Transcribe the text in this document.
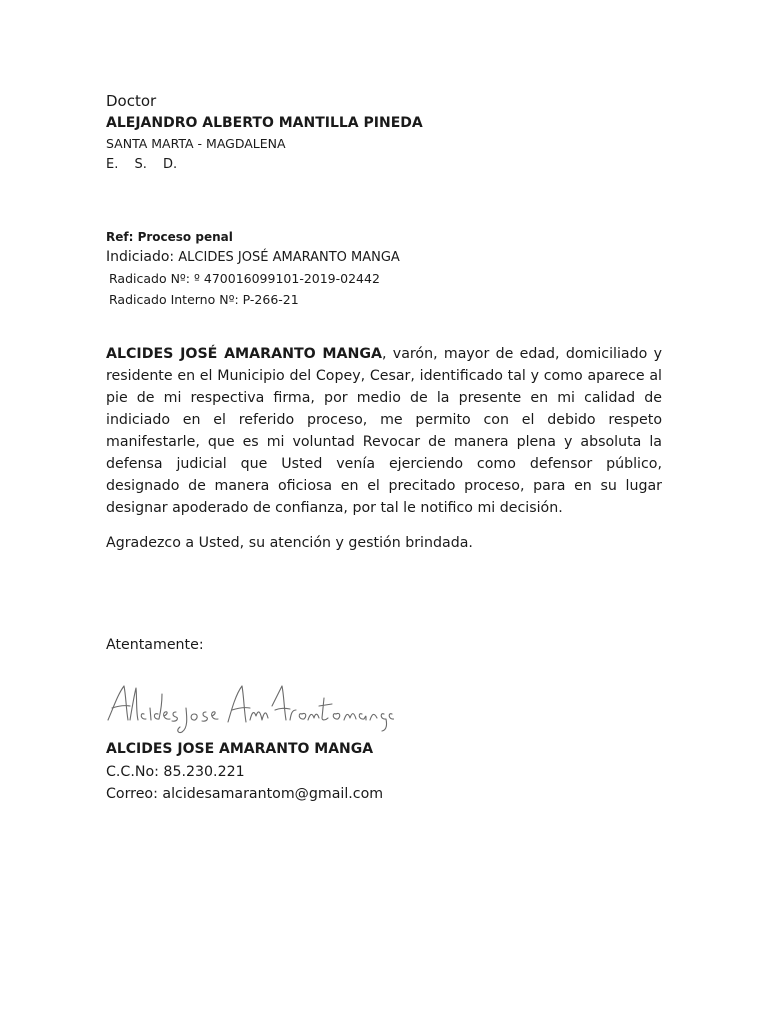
Doctor
ALEJANDRO ALBERTO MANTILLA PINEDA
SANTA MARTA - MAGDALENA
E. S. D.
Ref: Proceso penal
Indiciado: ALCIDES JOSÉ AMARANTO MANGA
Radicado Nº: º 470016099101-2019-02442
Radicado Interno Nº: P-266-21
ALCIDES JOSÉ AMARANTO MANGA, varón, mayor de edad, domiciliado y residente en el Municipio del Copey, Cesar, identificado tal y como aparece al pie de mi respectiva firma, por medio de la presente en mi calidad de indiciado en el referido proceso, me permito con el debido respeto manifestarle, que es mi voluntad Revocar de manera plena y absoluta la defensa judicial que Usted venía ejerciendo como defensor público, designado de manera oficiosa en el precitado proceso, para en su lugar designar apoderado de confianza, por tal le notifico mi decisión.
Agradezco a Usted, su atención y gestión brindada.
Atentamente:
ALCIDES JOSE AMARANTO MANGA
C.C.No: 85.230.221
Correo: alcidesamarantom@gmail.com
